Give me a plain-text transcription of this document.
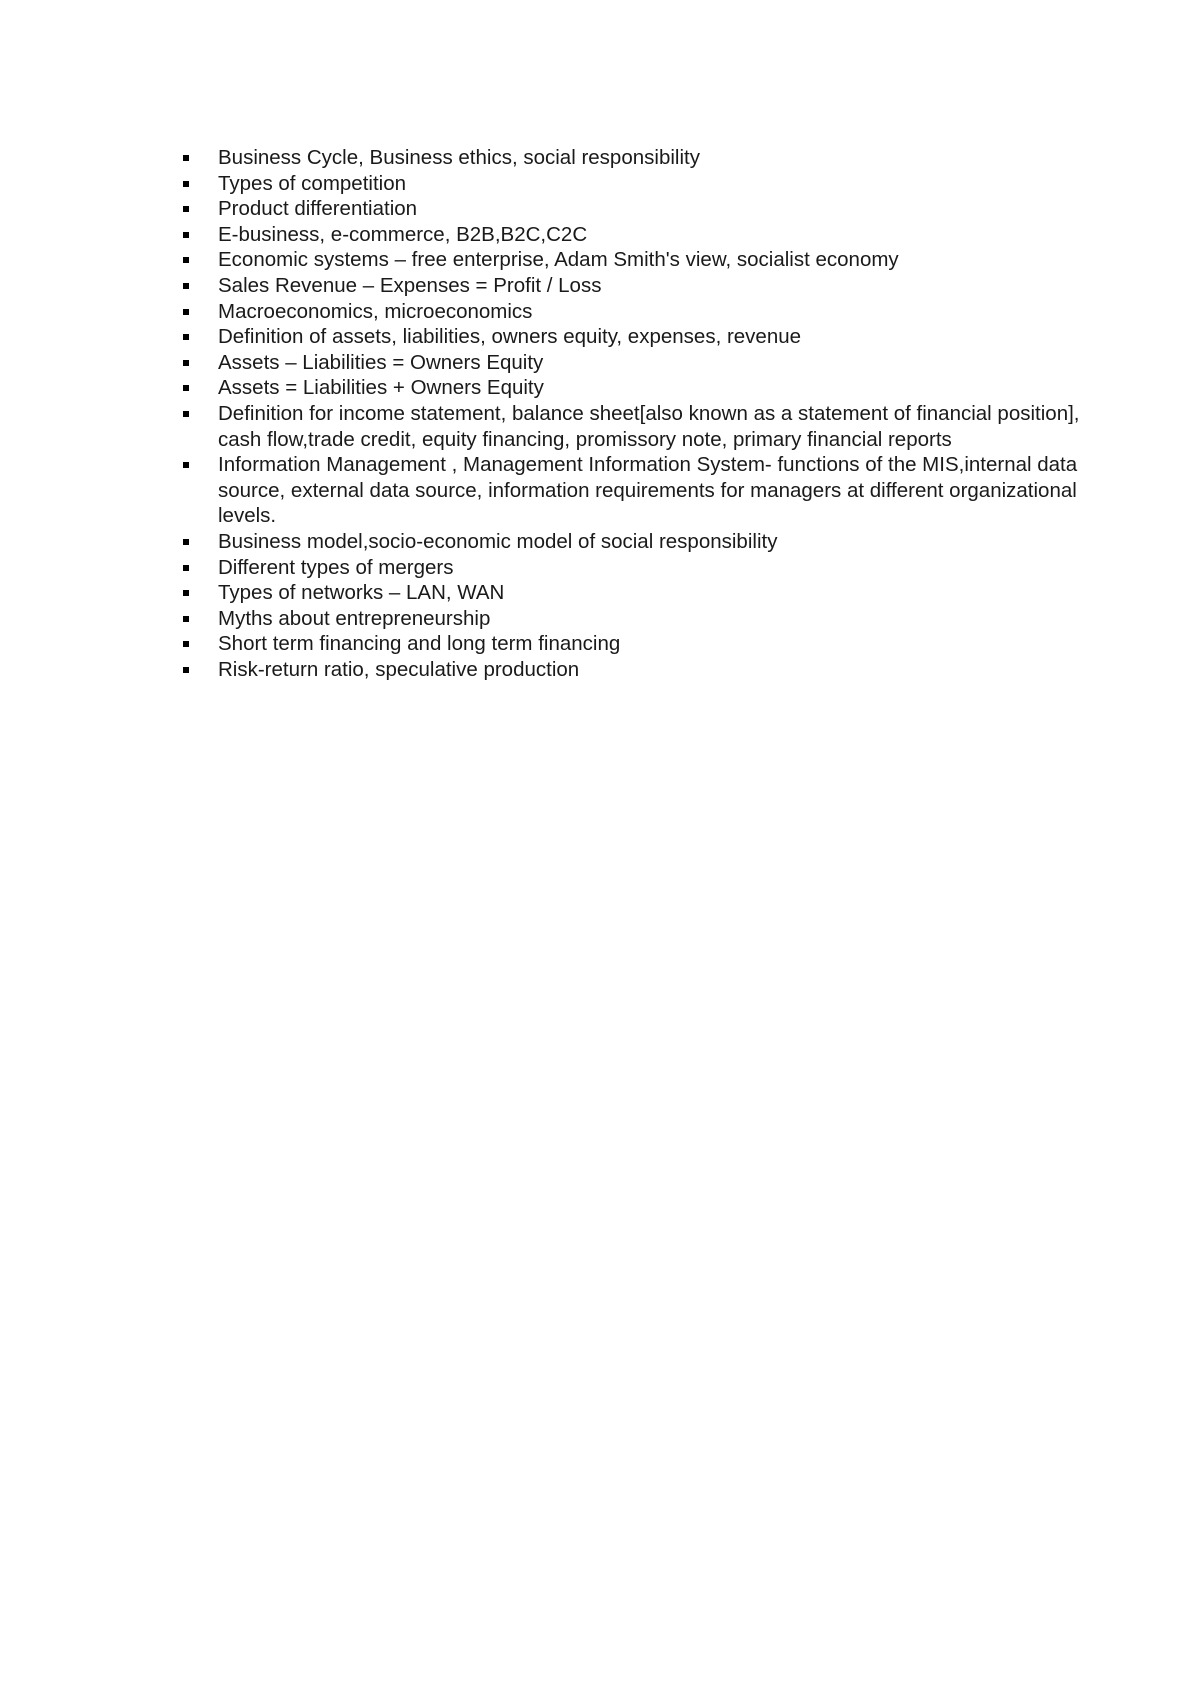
Business Cycle, Business ethics, social responsibility
Types of competition
Product differentiation
E-business, e-commerce, B2B,B2C,C2C
Economic systems – free enterprise, Adam Smith's view, socialist economy
Sales Revenue – Expenses = Profit / Loss
Macroeconomics, microeconomics
Definition of assets, liabilities, owners equity, expenses, revenue
Assets – Liabilities = Owners Equity
Assets = Liabilities + Owners Equity
Definition for income statement, balance sheet[also known as a statement of financial position], cash flow,trade credit, equity financing, promissory note, primary financial reports
Information Management , Management Information System- functions of the MIS,internal data source, external data source, information requirements for managers at different organizational levels.
Business model,socio-economic model of social responsibility
Different types of mergers
Types of networks – LAN, WAN
Myths about entrepreneurship
Short term financing and long term financing
Risk-return ratio, speculative production
